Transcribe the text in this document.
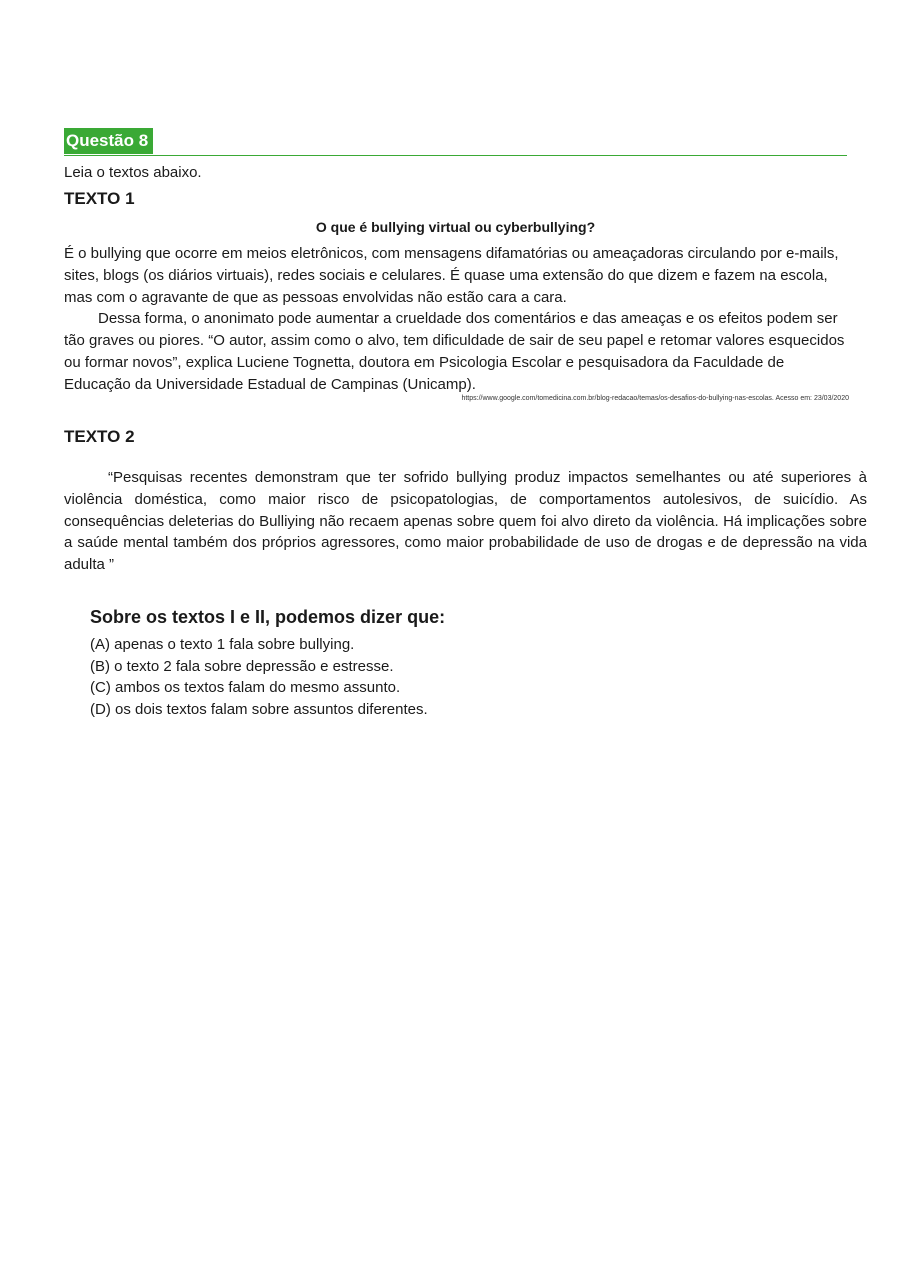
Questão 8
Leia o textos abaixo.
TEXTO 1
O que é bullying virtual ou cyberbullying?

É o bullying que ocorre em meios eletrônicos, com mensagens difamatórias ou ameaçadoras circulando por e-mails, sites, blogs (os diários virtuais), redes sociais e celulares. É quase uma extensão do que dizem e fazem na escola, mas com o agravante de que as pessoas envolvidas não estão cara a cara.

Dessa forma, o anonimato pode aumentar a crueldade dos comentários e das ameaças e os efeitos podem ser tão graves ou piores. “O autor, assim como o alvo, tem dificuldade de sair de seu papel e retomar valores esquecidos ou formar novos”, explica Luciene Tognetta, doutora em Psicologia Escolar e pesquisadora da Faculdade de Educação da Universidade Estadual de Campinas (Unicamp).

https://www.google.com/tomedicina.com.br/blog-redacao/temas/os-desafios-do-bullying-nas-escolas. Acesso em: 23/03/2020
TEXTO 2

“Pesquisas recentes demonstram que ter sofrido bullying produz impactos semelhantes ou até superiores à violência doméstica, como maior risco de psicopatologias, de comportamentos autolesivos, de suicídio. As consequências deleterias do Bulliying não recaem apenas sobre quem foi alvo direto da violência. Há implicações sobre a saúde mental também dos próprios agressores, como maior probabilidade de uso de drogas e de depressão na vida adulta ”

Sobre os textos I e II, podemos dizer que:
(A) apenas o texto 1 fala sobre bullying.
(B) o texto 2 fala sobre depressão e estresse.
(C) ambos os textos falam do mesmo assunto.
(D) os dois textos falam sobre assuntos diferentes.
